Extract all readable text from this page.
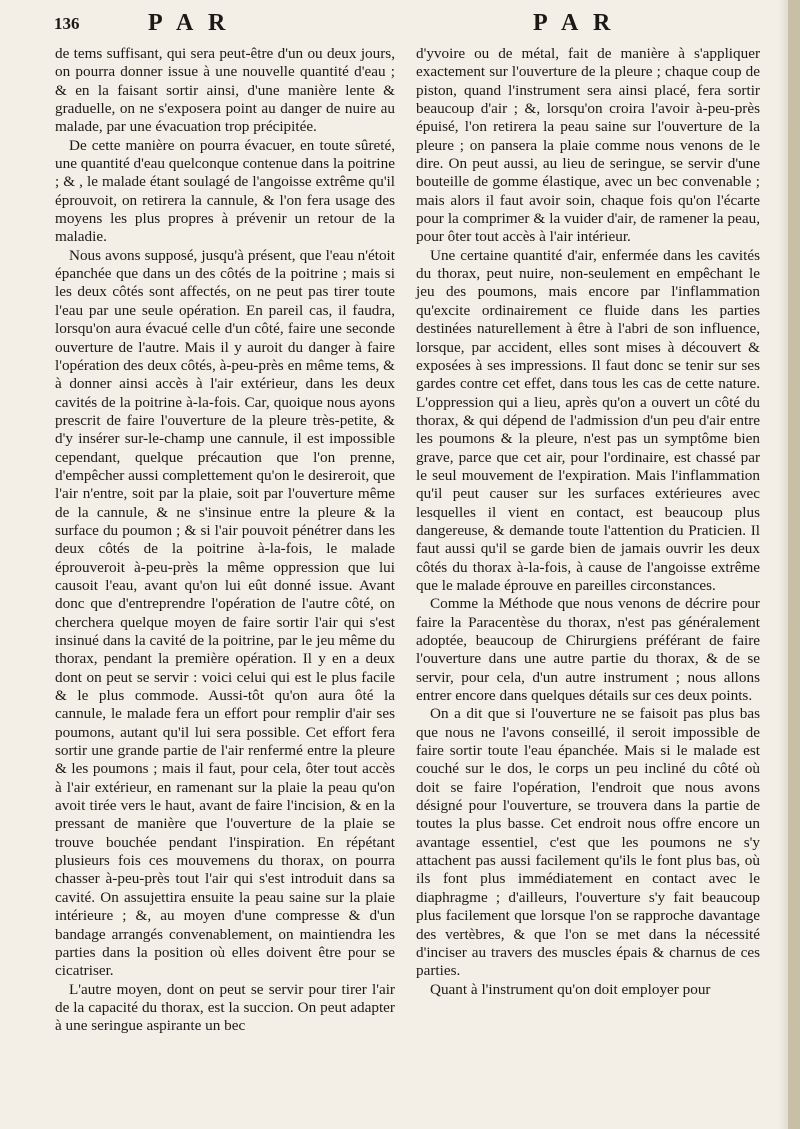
136	P A R	P A R

de tems suffisant, qui sera peut-être d'un ou deux jours, on pourra donner issue à une nouvelle quantité d'eau ; & en la faisant sortir ainsi, d'une manière lente & graduelle, on ne s'exposera point au danger de nuire au malade, par une évacuation trop précipitée.

De cette manière on pourra évacuer, en toute sûreté, une quantité d'eau quelconque contenue dans la poitrine ; & , le malade étant soulagé de l'angoisse extrême qu'il éprouvoit, on retirera la cannule, & l'on fera usage des moyens les plus propres à prévenir un retour de la maladie.

Nous avons supposé, jusqu'à présent, que l'eau n'étoit épanchée que dans un des côtés de la poitrine ; mais si les deux côtés sont affectés, on ne peut pas tirer toute l'eau par une seule opération. En pareil cas, il faudra, lorsqu'on aura évacué celle d'un côté, faire une seconde ouverture de l'autre. Mais il y auroit du danger à faire l'opération des deux côtés, à-peu-près en même tems, & à donner ainsi accès à l'air extérieur, dans les deux cavités de la poitrine à-la-fois. Car, quoique nous ayons prescrit de faire l'ouverture de la pleure très-petite, & d'y insérer sur-le-champ une cannule, il est impossible cependant, quelque précaution que l'on prenne, d'empêcher aussi complettement qu'on le desireroit, que l'air n'entre, soit par la plaie, soit par l'ouverture même de la cannule, & ne s'insinue entre la pleure & la surface du poumon ; & si l'air pouvoit pénétrer dans les deux côtés de la poitrine à-la-fois, le malade éprouveroit à-peu-près la même oppression que lui causoit l'eau, avant qu'on lui eût donné issue. Avant donc que d'entreprendre l'opération de l'autre côté, on cherchera quelque moyen de faire sortir l'air qui s'est insinué dans la cavité de la poitrine, par le jeu même du thorax, pendant la première opération. Il y en a deux dont on peut se servir : voici celui qui est le plus facile & le plus commode. Aussi-tôt qu'on aura ôté la cannule, le malade fera un effort pour remplir d'air ses poumons, autant qu'il lui sera possible. Cet effort fera sortir une grande partie de l'air renfermé entre la pleure & les poumons ; mais il faut, pour cela, ôter tout accès à l'air extérieur, en ramenant sur la plaie la peau qu'on avoit tirée vers le haut, avant de faire l'incision, & en la pressant de manière que l'ouverture de la plaie se trouve bouchée pendant l'inspiration. En répétant plusieurs fois ces mouvemens du thorax, on pourra chasser à-peu-près tout l'air qui s'est introduit dans sa cavité. On assujettira ensuite la peau saine sur la plaie intérieure ; &, au moyen d'une compresse & d'un bandage arrangés convenablement, on maintiendra les parties dans la position où elles doivent être pour se cicatriser.

L'autre moyen, dont on peut se servir pour tirer l'air de la capacité du thorax, est la succion. On peut adapter à une seringue aspirante un bec

d'yvoire ou de métal, fait de manière à s'appliquer exactement sur l'ouverture de la pleure ; chaque coup de piston, quand l'instrument sera ainsi placé, fera sortir beaucoup d'air ; &, lorsqu'on croira l'avoir à-peu-près épuisé, l'on retirera la peau saine sur l'ouverture de la pleure ; on pansera la plaie comme nous venons de le dire. On peut aussi, au lieu de seringue, se servir d'une bouteille de gomme élastique, avec un bec convenable ; mais alors il faut avoir soin, chaque fois qu'on l'écarte pour la comprimer & la vuider d'air, de ramener la peau, pour ôter tout accès à l'air intérieur.

Une certaine quantité d'air, enfermée dans les cavités du thorax, peut nuire, non-seulement en empêchant le jeu des poumons, mais encore par l'inflammation qu'excite ordinairement ce fluide dans les parties destinées naturellement à être à l'abri de son influence, lorsque, par accident, elles sont mises à découvert & exposées à ses impressions. Il faut donc se tenir sur ses gardes contre cet effet, dans tous les cas de cette nature. L'oppression qui a lieu, après qu'on a ouvert un côté du thorax, & qui dépend de l'admission d'un peu d'air entre les poumons & la pleure, n'est pas un symptôme bien grave, parce que cet air, pour l'ordinaire, est chassé par le seul mouvement de l'expiration. Mais l'inflammation qu'il peut causer sur les surfaces extérieures avec lesquelles il vient en contact, est beaucoup plus dangereuse, & demande toute l'attention du Praticien. Il faut aussi qu'il se garde bien de jamais ouvrir les deux côtés du thorax à-la-fois, à cause de l'angoisse extrême que le malade éprouve en pareilles circonstances.

Comme la Méthode que nous venons de décrire pour faire la Paracentèse du thorax, n'est pas généralement adoptée, beaucoup de Chirurgiens préférant de faire l'ouverture dans une autre partie du thorax, & de se servir, pour cela, d'un autre instrument ; nous allons entrer encore dans quelques détails sur ces deux points.

On a dit que si l'ouverture ne se faisoit pas plus bas que nous ne l'avons conseillé, il seroit impossible de faire sortir toute l'eau épanchée. Mais si le malade est couché sur le dos, le corps un peu incliné du côté où doit se faire l'opération, l'endroit que nous avons désigné pour l'ouverture, se trouvera dans la partie de toutes la plus basse. Cet endroit nous offre encore un avantage essentiel, c'est que les poumons ne s'y attachent pas aussi facilement qu'ils le font plus bas, où ils font plus immédiatement en contact avec le diaphragme ; d'ailleurs, l'ouverture s'y fait beaucoup plus facilement que lorsque l'on se rapproche davantage des vertèbres, & que l'on se met dans la nécessité d'inciser au travers des muscles épais & charnus de ces parties.

Quant à l'instrument qu'on doit employer pour
